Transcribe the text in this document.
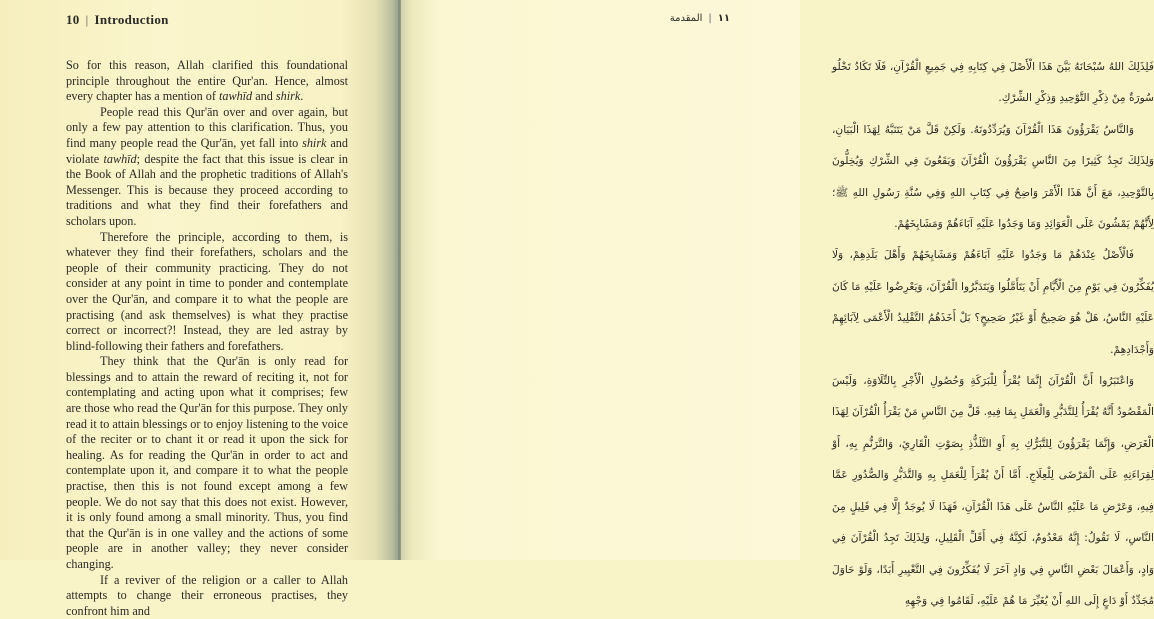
10 | Introduction

So for this reason, Allah clarified this foundational principle throughout the entire Qur'an. Hence, almost every chapter has a mention of tawhīd and shirk.

People read this Qur'ān over and over again, but only a few pay attention to this clarification. Thus, you find many people read the Qur'ān, yet fall into shirk and violate tawhīd; despite the fact that this issue is clear in the Book of Allah and the prophetic traditions of Allah's Messenger. This is because they proceed according to traditions and what they find their forefathers and scholars upon.

Therefore the principle, according to them, is whatever they find their forefathers, scholars and the people of their community practicing. They do not consider at any point in time to ponder and contemplate over the Qur'ān, and compare it to what the people are practising (and ask themselves) is what they practise correct or incorrect?! Instead, they are led astray by blind-following their fathers and forefathers.

They think that the Qur'ān is only read for blessings and to attain the reward of reciting it, not for contemplating and acting upon what it comprises; few are those who read the Qur'ān for this purpose. They only read it to attain blessings or to enjoy listening to the voice of the reciter or to chant it or read it upon the sick for healing. As for reading the Qur'ān in order to act and contemplate upon it, and compare it to what the people practise, then this is not found except among a few people. We do not say that this does not exist. However, it is only found among a small minority. Thus, you find that the Qur'ān is in one valley and the actions of some people are in another valley; they never consider changing.

If a reviver of the religion or a caller to Allah attempts to change their erroneous practises, they confront him and

١١
|
المقدمة

فَلِذَلِكَ اللهُ سُبْحَانَهُ بَيَّنَ هَذَا الْأَصْلَ فِي كِتَابِهِ فِي جَمِيعِ الْقُرْآنِ، فَلَا تَكَادُ تَخْلُو سُورَةٌ مِنْ ذِكْرِ التَّوْحِيدِ وَذِكْرِ الشِّرْكِ.

وَالنَّاسُ يَقْرَؤُونَ هَذَا الْقُرْآنَ وَيُرَدِّدُونَهُ. وَلَكِنْ قَلَّ مَنْ يَتَنَبَّهُ لِهَذَا الْبَيَانِ، وَلِذَلِكَ تَجِدُ كَثِيرًا مِنَ النَّاسِ يَقْرَؤُونَ الْقُرْآنَ وَيَقَعُونَ فِي الشِّرْكِ وَيُخِلُّونَ بِالتَّوْحِيدِ، مَعَ أَنَّ هَذَا الْأَمْرَ وَاضِحٌ فِي كِتَابِ اللهِ وَفِي سُنَّةِ رَسُولِ اللهِ ﷺ؛ لِأَنَّهُمْ يَمْشُونَ عَلَى الْعَوَائِدِ وَمَا وَجَدُوا عَلَيْهِ آبَاءَهُمْ وَمَشَايِخَهُمْ.

فَالْأَصْلُ عِنْدَهُمْ مَا وَجَدُوا عَلَيْهِ آبَاءَهُمْ وَمَشَايِخَهُمْ وَأَهْلَ بَلَدِهِمْ، وَلَا يُفَكِّرُونَ فِي يَوْمٍ مِنَ الْأَيَّامِ أَنْ يَتَأَمَّلُوا وَيَتَدَبَّرُوا الْقُرْآنَ، وَيَعْرِضُوا عَلَيْهِ مَا كَانَ عَلَيْهِ النَّاسُ، هَلْ هُوَ صَحِيحٌ أَوْ غَيْرُ صَحِيحٍ؟ بَلْ أَخَذَهُمُ التَّقْلِيدُ الْأَعْمَى لِآبَائِهِمْ وَأَجْدَادِهِمْ.

وَاعْتَبَرُوا أَنَّ الْقُرْآنَ إِنَّمَا يُقْرَأُ لِلْبَرَكَةِ وَحُصُولِ الْأَجْرِ بِالتِّلَاوَةِ، وَلَيْسَ الْمَقْصُودُ أَنَّهُ يُقْرَأُ لِلتَّدَبُّرِ وَالْعَمَلِ بِمَا فِيهِ. قَلَّ مِنَ النَّاسِ مَنْ يَقْرَأُ الْقُرْآنَ لِهَذَا الْغَرَضِ، وَإِنَّمَا يَقْرَؤُونَ لِلتَّبَرُّكِ بِهِ أَوِ التَّلَذُّذِ بِصَوْتِ الْقَارِئِ، وَالتَّرَنُّمِ بِهِ، أَوْ لِقِرَاءَتِهِ عَلَى الْمَرْضَى لِلْعِلَاجِ. أَمَّا أَنْ يُقْرَأَ لِلْعَمَلِ بِهِ وَالتَّدَبُّرِ وَالصُّدُورِ عَمَّا فِيهِ، وَعَرْضِ مَا عَلَيْهِ النَّاسُ عَلَى هَذَا الْقُرْآنِ، فَهَذَا لَا يُوجَدُ إِلَّا فِي قَلِيلٍ مِنَ النَّاسِ، لَا نَقُولُ: إِنَّهُ مَعْدُومٌ، لَكِنَّهُ فِي أَقَلِّ الْقَلِيلِ، وَلِذَلِكَ تَجِدُ الْقُرْآنَ فِي وَادٍ، وَأَعْمَالَ بَعْضِ النَّاسِ فِي وَادٍ آخَرَ لَا يُفَكِّرُونَ فِي التَّغْيِيرِ أَبَدًا، وَلَوْ حَاوَلَ مُجَدِّدٌ أَوْ دَاعٍ إِلَى اللهِ أَنْ يُغَيِّرَ مَا هُمْ عَلَيْهِ، لَقَامُوا فِي وَجْهِهِ
